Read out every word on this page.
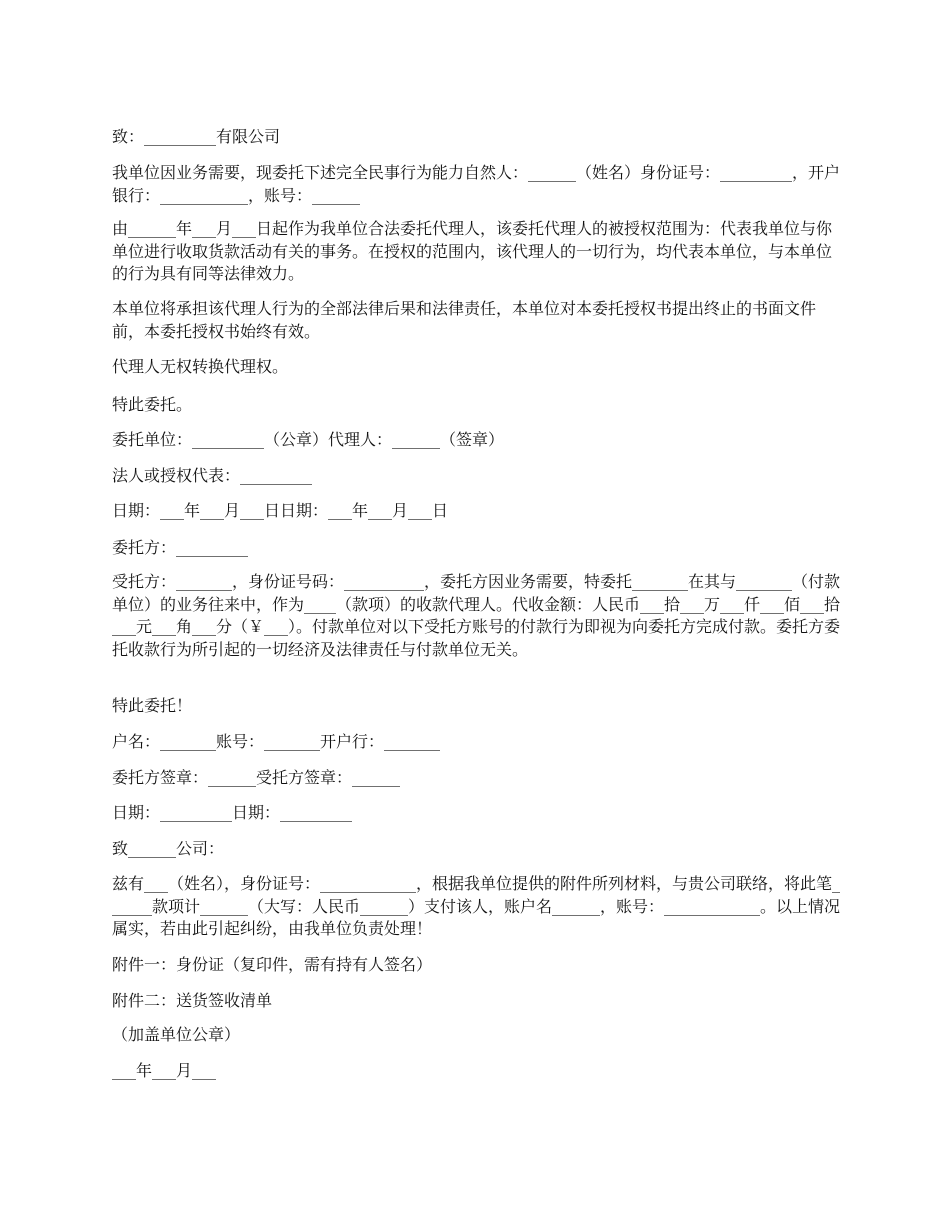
致：_________有限公司
我单位因业务需要，现委托下述完全民事行为能力自然人：______（姓名）身份证号：_________，开户银行：___________，账号：______
由______年___月___日起作为我单位合法委托代理人，该委托代理人的被授权范围为：代表我单位与你单位进行收取货款活动有关的事务。在授权的范围内，该代理人的一切行为，均代表本单位，与本单位的行为具有同等法律效力。
本单位将承担该代理人行为的全部法律后果和法律责任，本单位对本委托授权书提出终止的书面文件前，本委托授权书始终有效。
代理人无权转换代理权。
特此委托。
委托单位：_________（公章）代理人：______（签章）
法人或授权代表：_________
日期：___年___月___日日期：___年___月___日
委托方：_________
受托方：_______，身份证号码：__________，委托方因业务需要，特委托_______在其与_______（付款单位）的业务往来中，作为____（款项）的收款代理人。代收金额：人民币___拾___万___仟___佰___拾___元___角___分（￥___）。付款单位对以下受托方账号的付款行为即视为向委托方完成付款。委托方委托收款行为所引起的一切经济及法律责任与付款单位无关。
特此委托！
户名：_______账号：_______开户行：_______
委托方签章：______受托方签章：______
日期：_________日期：_________
致______公司：
兹有___（姓名），身份证号：____________，根据我单位提供的附件所列材料，与贵公司联络，将此笔______款项计______（大写：人民币______）支付该人，账户名______，账号：____________。以上情况属实，若由此引起纠纷，由我单位负责处理！
附件一：身份证（复印件，需有持有人签名）
附件二：送货签收清单
（加盖单位公章）
___年___月___
